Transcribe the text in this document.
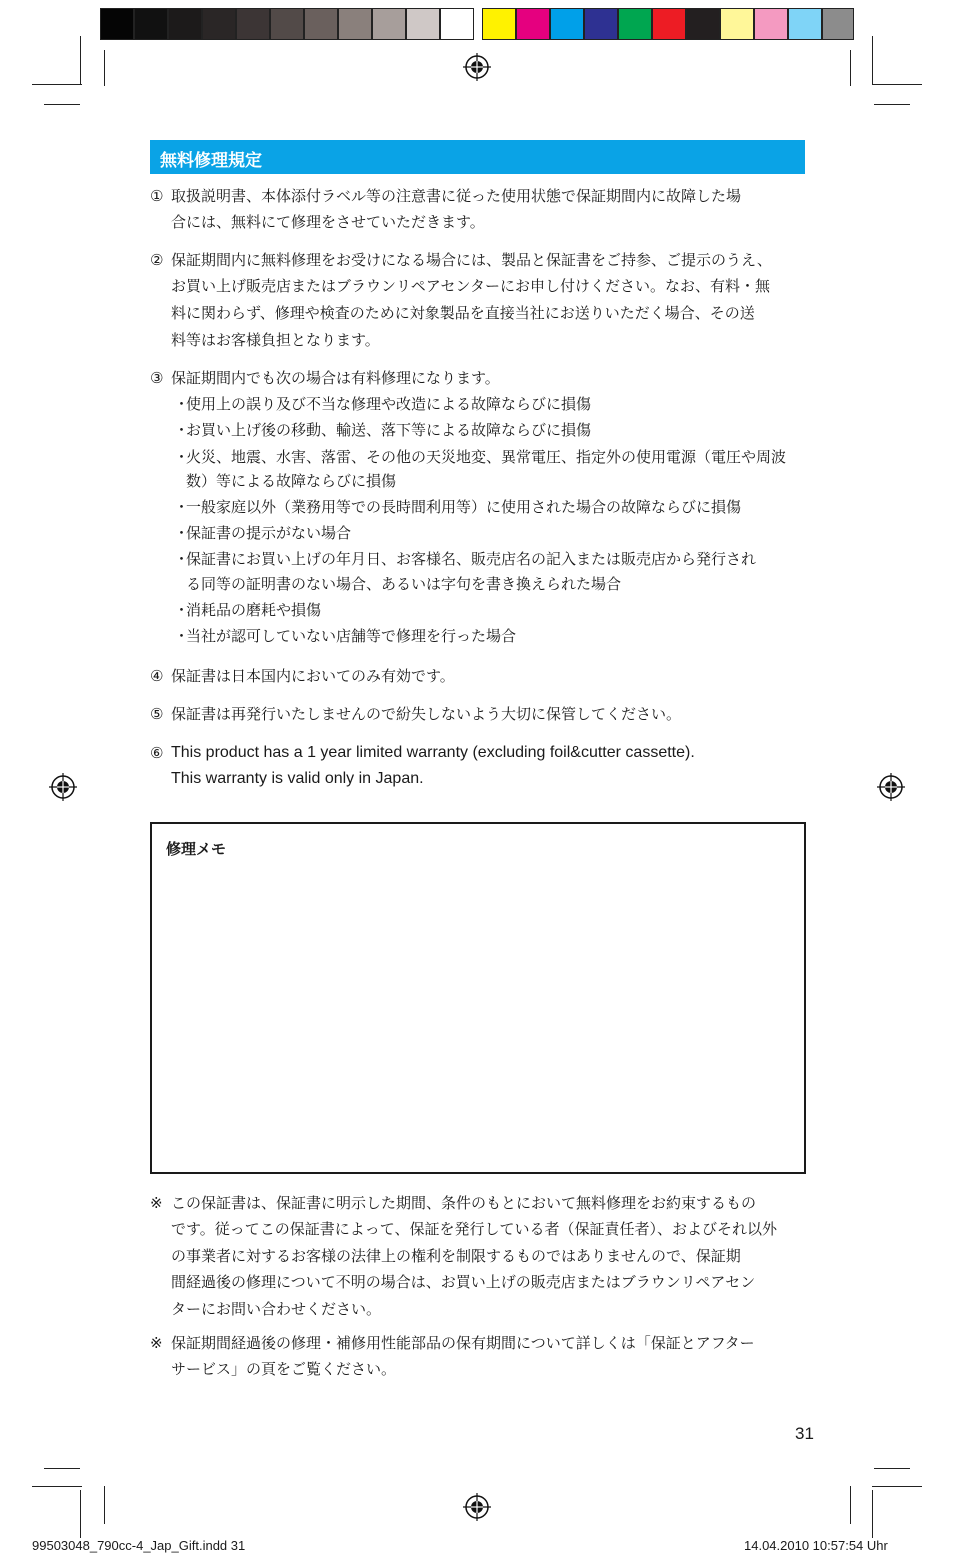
無料修理規定
① 取扱説明書、本体添付ラベル等の注意書に従った使用状態で保証期間内に故障した場
合には、無料にて修理をさせていただきます。
② 保証期間内に無料修理をお受けになる場合には、製品と保証書をご持参、ご提示のうえ、
お買い上げ販売店またはブラウンリペアセンターにお申し付けください。なお、有料・無
料に関わらず、修理や検査のために対象製品を直接当社にお送りいただく場合、その送
料等はお客様負担となります。
③ 保証期間内でも次の場合は有料修理になります。
・
使用上の誤り及び不当な修理や改造による故障ならびに損傷
・
お買い上げ後の移動、輸送、落下等による故障ならびに損傷
・
火災、地震、水害、落雷、その他の天災地変、異常電圧、指定外の使用電源（電圧や周波
数）等による故障ならびに損傷
・
一般家庭以外（業務用等での長時間利用等）に使用された場合の故障ならびに損傷
・
保証書の提示がない場合
・
保証書にお買い上げの年月日、お客様名、販売店名の記入または販売店から発行され
る同等の証明書のない場合、あるいは字句を書き換えられた場合
・
消耗品の磨耗や損傷
・
当社が認可していない店舗等で修理を行った場合
④ 保証書は日本国内においてのみ有効です。
⑤ 保証書は再発行いたしませんので紛失しないよう大切に保管してください。
⑥ This product has a 1 year limited warranty (excluding foil&cutter cassette).
This warranty is valid only in Japan.
修理メモ
※ この保証書は、保証書に明示した期間、条件のもとにおいて無料修理をお約束するもの
です。従ってこの保証書によって、保証を発行している者（保証責任者）、およびそれ以外
の事業者に対するお客様の法律上の権利を制限するものではありませんので、保証期
間経過後の修理について不明の場合は、お買い上げの販売店またはブラウンリペアセン
ターにお問い合わせください。
※ 保証期間経過後の修理・補修用性能部品の保有期間について詳しくは「保証とアフター
サービス」の頁をご覧ください。
31
99503048_790cc-4_Jap_Gift.indd 31	14.04.2010 10:57:54 Uhr
